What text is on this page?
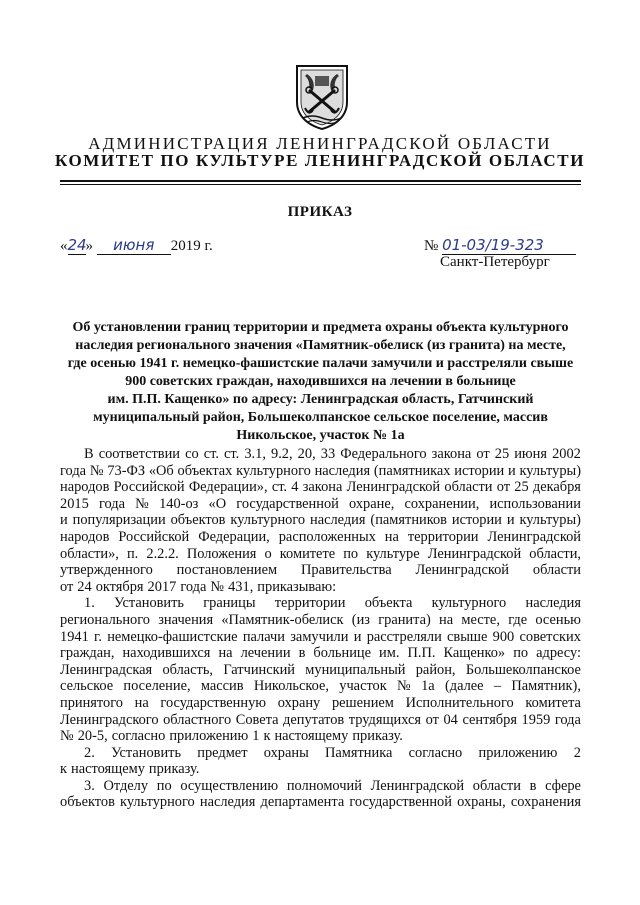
АДМИНИСТРАЦИЯ ЛЕНИНГРАДСКОЙ ОБЛАСТИ
КОМИТЕТ ПО КУЛЬТУРЕ ЛЕНИНГРАДСКОЙ ОБЛАСТИ
ПРИКАЗ
«24» июня 2019 г.	№ 01-03/19-323
Санкт-Петербург
Об установлении границ территории и предмета охраны объекта культурного
наследия регионального значения «Памятник-обелиск (из гранита) на месте,
где осенью 1941 г. немецко-фашистские палачи замучили и расстреляли свыше
900 советских граждан, находившихся на лечении в больнице
им. П.П. Кащенко» по адресу: Ленинградская область, Гатчинский
муниципальный район, Большеколпанское сельское поселение, массив
Никольское, участок № 1а
В соответствии со ст. ст. 3.1, 9.2, 20, 33 Федерального закона от 25 июня 2002
года № 73-ФЗ «Об объектах культурного наследия (памятниках истории и культуры)
народов Российской Федерации», ст. 4 закона Ленинградской области от 25 декабря
2015 года № 140-оз «О государственной охране, сохранении, использовании
и популяризации объектов культурного наследия (памятников истории и культуры)
народов Российской Федерации, расположенных на территории Ленинградской
области», п. 2.2.2. Положения о комитете по культуре Ленинградской области,
утвержденного постановлением Правительства Ленинградской области
от 24 октября 2017 года № 431, приказываю:
1. Установить границы территории объекта культурного наследия
регионального значения «Памятник-обелиск (из гранита) на месте, где осенью
1941 г. немецко-фашистские палачи замучили и расстреляли свыше 900 советских
граждан, находившихся на лечении в больнице им. П.П. Кащенко» по адресу:
Ленинградская область, Гатчинский муниципальный район, Большеколпанское
сельское поселение, массив Никольское, участок № 1а (далее – Памятник),
принятого на государственную охрану решением Исполнительного комитета
Ленинградского областного Совета депутатов трудящихся от 04 сентября 1959 года
№ 20-5, согласно приложению 1 к настоящему приказу.
2. Установить предмет охраны Памятника согласно приложению 2
к настоящему приказу.
3. Отделу по осуществлению полномочий Ленинградской области в сфере
объектов культурного наследия департамента государственной охраны, сохранения
